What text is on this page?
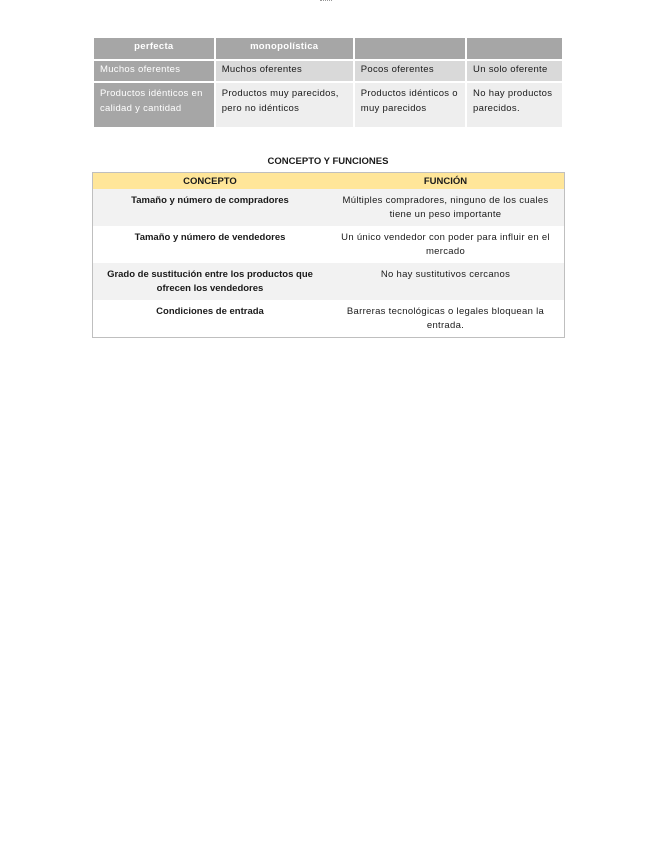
perfecta	monopolística		
Muchos oferentes	Muchos oferentes	Pocos oferentes	Un solo oferente
Productos idénticos en calidad y cantidad	Productos muy parecidos, pero no idénticos	Productos idénticos o muy parecidos	No hay productos parecidos.
CONCEPTO Y FUNCIONES
CONCEPTO	FUNCIÓN
Tamaño y número de compradores	Múltiples compradores, ninguno de los cuales tiene un peso importante
Tamaño y número de vendedores	Un único vendedor con poder para influir en el mercado
Grado de sustitución entre los productos que ofrecen los vendedores	No hay sustitutivos cercanos
Condiciones de entrada	Barreras tecnológicas o legales bloquean la entrada.
